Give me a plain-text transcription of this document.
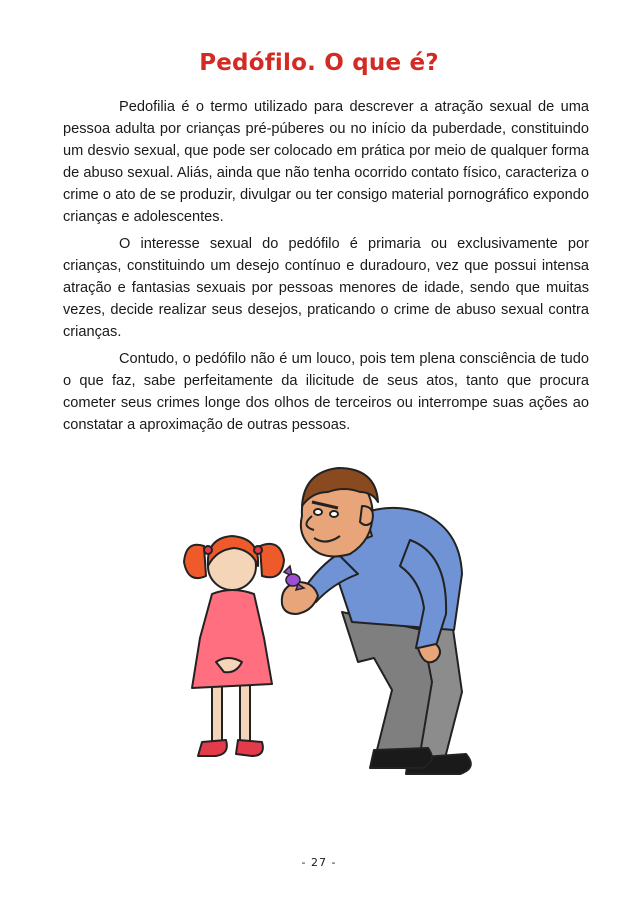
Pedófilo. O que é?

Pedofilia é o termo utilizado para descrever a atração sexual de uma pessoa adulta por crianças pré-púberes ou no início da puberdade, constituindo um desvio sexual, que pode ser colocado em prática por meio de qualquer forma de abuso sexual. Aliás, ainda que não tenha ocorrido contato físico, caracteriza o crime o ato de se produzir, divulgar ou ter consigo material pornográfico expondo crianças e adolescentes.

O interesse sexual do pedófilo é primaria ou exclusivamente por crianças, constituindo um desejo contínuo e duradouro, vez que possui intensa atração e fantasias sexuais por pessoas menores de idade, sendo que muitas vezes, decide realizar seus desejos, praticando o crime de abuso sexual contra crianças.

Contudo, o pedófilo não é um louco, pois tem plena consciência de tudo o que faz, sabe perfeitamente da ilicitude de seus atos, tanto que procura cometer seus crimes longe dos olhos de terceiros ou interrompe suas ações ao constatar a aproximação de outras pessoas.

- 27 -
